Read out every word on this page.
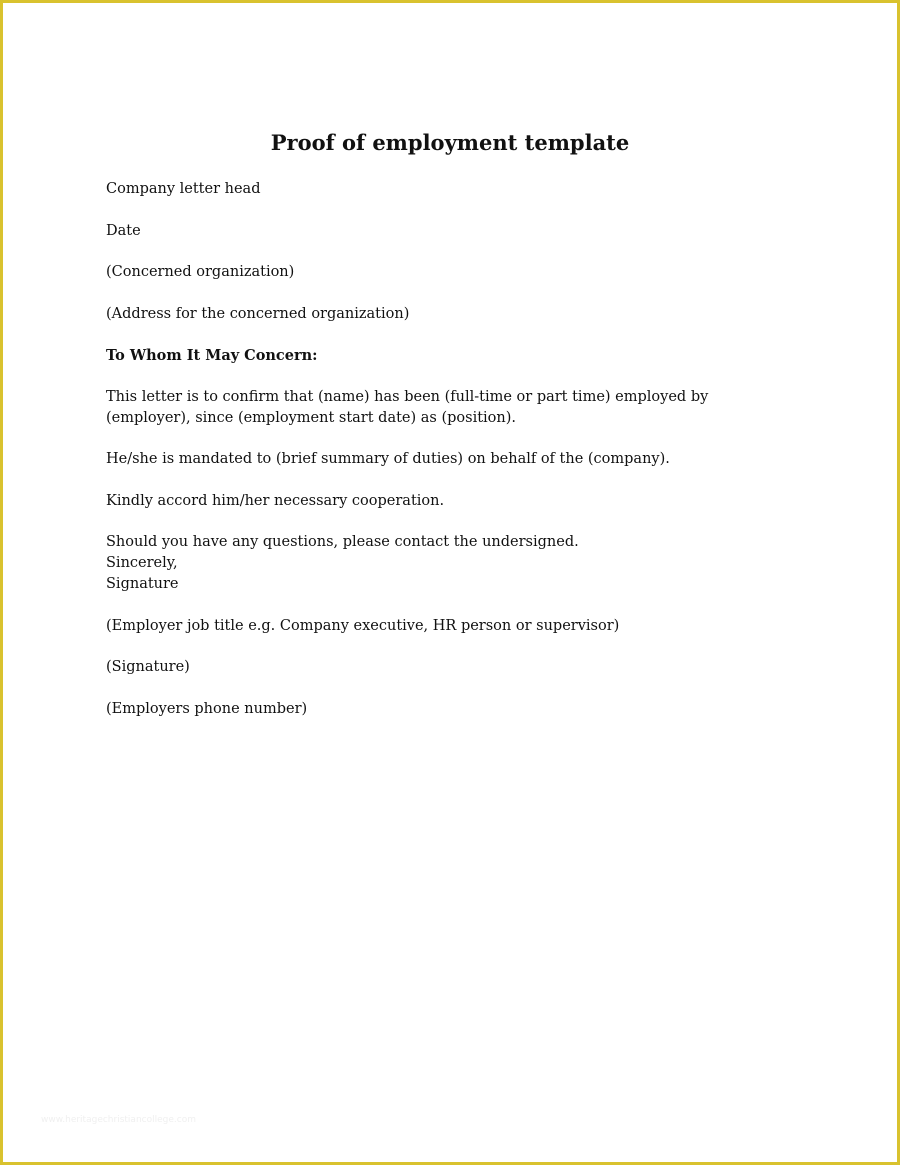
Proof of employment template

Company letter head

Date

(Concerned organization)

(Address for the concerned organization)

To Whom It May Concern:

This letter is to confirm that (name) has been (full-time or part time) employed by
(employer), since (employment start date) as (position).

He/she is mandated to (brief summary of duties) on behalf of the (company).

Kindly accord him/her necessary cooperation.

Should you have any questions, please contact the undersigned.
Sincerely,
Signature

(Employer job title e.g. Company executive, HR person or supervisor)

(Signature)

(Employers phone number)

www.heritagechristiancollege.com
